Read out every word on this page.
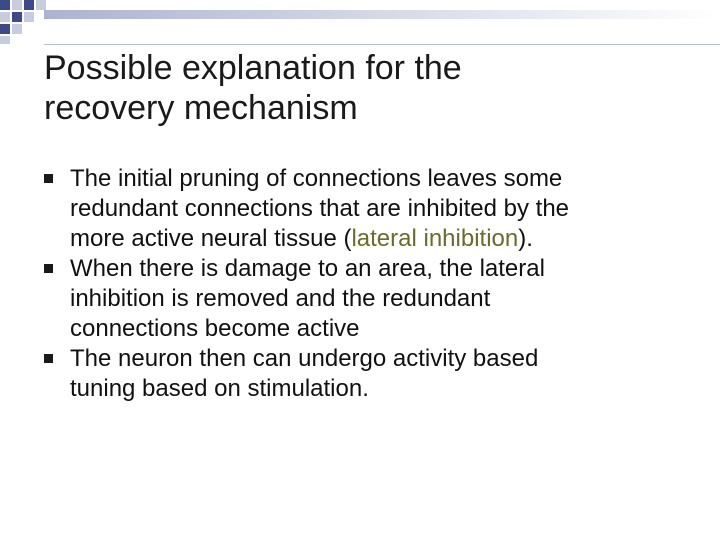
Possible explanation for the
recovery mechanism
The initial pruning of connections leaves some
redundant connections that are inhibited by the
more active neural tissue (lateral inhibition).
When there is damage to an area, the lateral
inhibition is removed and the redundant
connections become active
The neuron then can undergo activity based
tuning based on stimulation.
